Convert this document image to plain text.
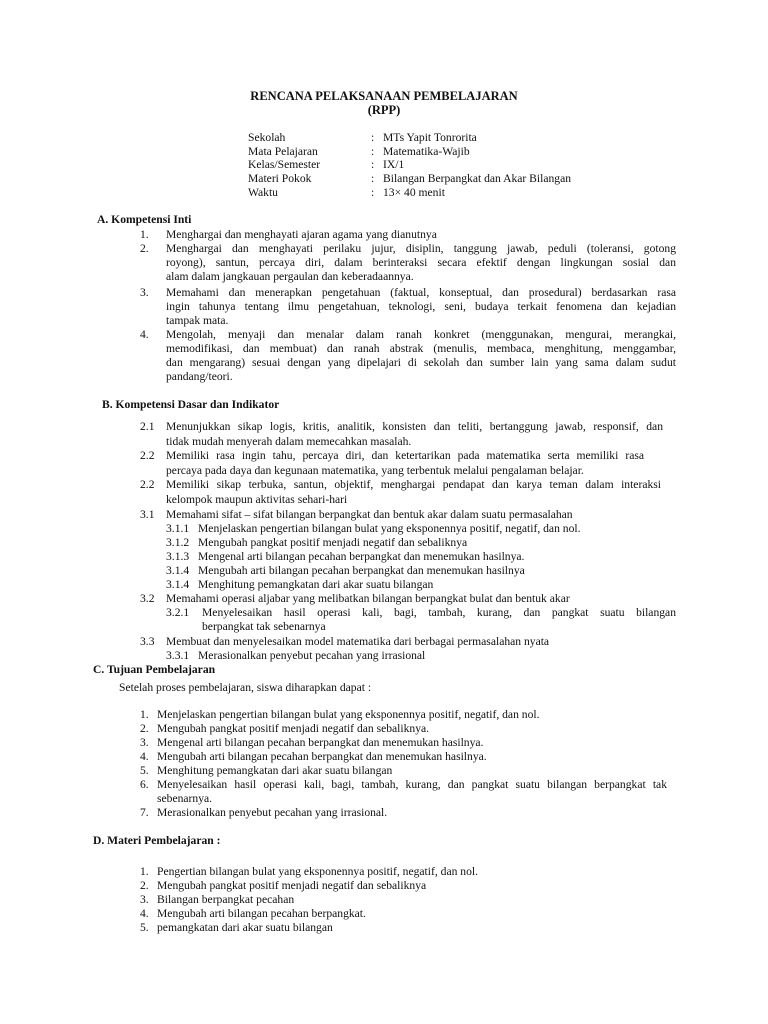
RENCANA PELAKSANAAN PEMBELAJARAN
(RPP)
Sekolah	: MTs Yapit Tonrorita
Mata Pelajaran	: Matematika-Wajib
Kelas/Semester	: IX/1
Materi Pokok	: Bilangan Berpangkat dan Akar Bilangan
Waktu	: 13× 40 menit
A. Kompetensi Inti
1. Menghargai dan menghayati ajaran agama yang dianutnya
2. Menghargai dan menghayati perilaku jujur, disiplin, tanggung jawab, peduli (toleransi, gotong
royong), santun, percaya diri, dalam berinteraksi secara efektif dengan lingkungan sosial dan
alam dalam jangkauan pergaulan dan keberadaannya.
3. Memahami dan menerapkan pengetahuan (faktual, konseptual, dan prosedural) berdasarkan rasa
ingin tahunya tentang ilmu pengetahuan, teknologi, seni, budaya terkait fenomena dan kejadian
tampak mata.
4. Mengolah, menyaji dan menalar dalam ranah konkret (menggunakan, mengurai, merangkai,
memodifikasi, dan membuat) dan ranah abstrak (menulis, membaca, menghitung, menggambar,
dan mengarang) sesuai dengan yang dipelajari di sekolah dan sumber lain yang sama dalam sudut
pandang/teori.
B. Kompetensi Dasar dan Indikator
2.1 Menunjukkan sikap logis, kritis, analitik, konsisten dan teliti, bertanggung jawab, responsif, dan
tidak mudah menyerah dalam memecahkan masalah.
2.2 Memiliki rasa ingin tahu, percaya diri, dan ketertarikan pada matematika serta memiliki rasa
percaya pada daya dan kegunaan matematika, yang terbentuk melalui pengalaman belajar.
2.2 Memiliki sikap terbuka, santun, objektif, menghargai pendapat dan karya teman dalam interaksi
kelompok maupun aktivitas sehari-hari
3.1 Memahami sifat – sifat bilangan berpangkat dan bentuk akar dalam suatu permasalahan
3.1.1 Menjelaskan pengertian bilangan bulat yang eksponennya positif, negatif, dan nol.
3.1.2 Mengubah pangkat positif menjadi negatif dan sebaliknya
3.1.3 Mengenal arti bilangan pecahan berpangkat dan menemukan hasilnya.
3.1.4 Mengubah arti bilangan pecahan berpangkat dan menemukan hasilnya
3.1.4 Menghitung pemangkatan dari akar suatu bilangan
3.2 Memahami operasi aljabar yang melibatkan bilangan berpangkat bulat dan bentuk akar
3.2.1 Menyelesaikan hasil operasi kali, bagi, tambah, kurang, dan pangkat suatu bilangan
berpangkat tak sebenarnya
3.3 Membuat dan menyelesaikan model matematika dari berbagai permasalahan nyata
3.3.1 Merasionalkan penyebut pecahan yang irrasional
C. Tujuan Pembelajaran
Setelah proses pembelajaran, siswa diharapkan dapat :
1. Menjelaskan pengertian bilangan bulat yang eksponennya positif, negatif, dan nol.
2. Mengubah pangkat positif menjadi negatif dan sebaliknya.
3. Mengenal arti bilangan pecahan berpangkat dan menemukan hasilnya.
4. Mengubah arti bilangan pecahan berpangkat dan menemukan hasilnya.
5. Menghitung pemangkatan dari akar suatu bilangan
6. Menyelesaikan hasil operasi kali, bagi, tambah, kurang, dan pangkat suatu bilangan berpangkat tak
sebenarnya.
7. Merasionalkan penyebut pecahan yang irrasional.
D. Materi Pembelajaran :
1. Pengertian bilangan bulat yang eksponennya positif, negatif, dan nol.
2. Mengubah pangkat positif menjadi negatif dan sebaliknya
3. Bilangan berpangkat pecahan
4. Mengubah arti bilangan pecahan berpangkat.
5. pemangkatan dari akar suatu bilangan
